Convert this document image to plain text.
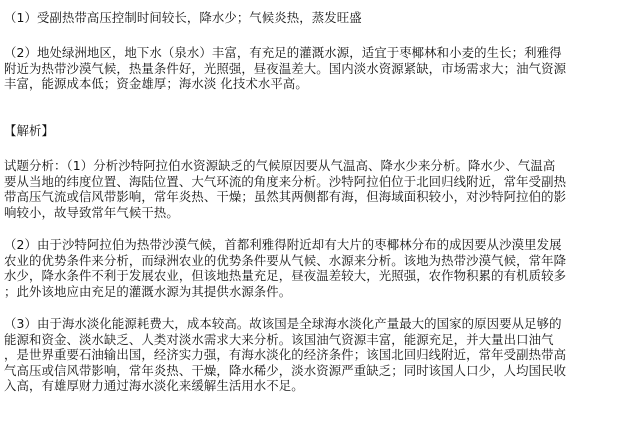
（1）受副热带高压控制时间较长，降水少；气候炎热，蒸发旺盛

（2）地处绿洲地区，地下水（泉水）丰富，有充足的灌溉水源，适宜于枣椰林和小麦的生长；利雅得
附近为热带沙漠气候，热量条件好，光照强，昼夜温差大。国内淡水资源紧缺，市场需求大；油气资源
丰富，能源成本低；资金雄厚；海水淡 化技术水平高。

【解析】

试题分析：（1）分析沙特阿拉伯水资源缺乏的气候原因要从气温高、降水少来分析。降水少、气温高
要从当地的纬度位置、海陆位置、大气环流的角度来分析。沙特阿拉伯位于北回归线附近，常年受副热
带高压气流或信风带影响，常年炎热、干燥；虽然其两侧都有海，但海域面积较小，对沙特阿拉伯的影
响较小，故导致常年气候干热。

（2）由于沙特阿拉伯为热带沙漠气候，首都利雅得附近却有大片的枣椰林分布的成因要从沙漠里发展
农业的优势条件来分析，而绿洲农业的优势条件要从气候、水源来分析。该地为热带沙漠气候，常年降
水少，降水条件不利于发展农业，但该地热量充足，昼夜温差较大，光照强，农作物积累的有机质较多
；此外该地应由充足的灌溉水源为其提供水源条件。

（3）由于海水淡化能源耗费大，成本较高。故该国是全球海水淡化产量最大的国家的原因要从足够的
能源和资金、淡水缺乏、人类对淡水需求大来分析。该国油气资源丰富，能源充足，并大量出口油气
，是世界重要石油输出国，经济实力强，有海水淡化的经济条件；该国北回归线附近，常年受副热带高
气高压或信风带影响，常年炎热、干燥，降水稀少，淡水资源严重缺乏；同时该国人口少，人均国民收
入高，有雄厚财力通过海水淡化来缓解生活用水不足。
